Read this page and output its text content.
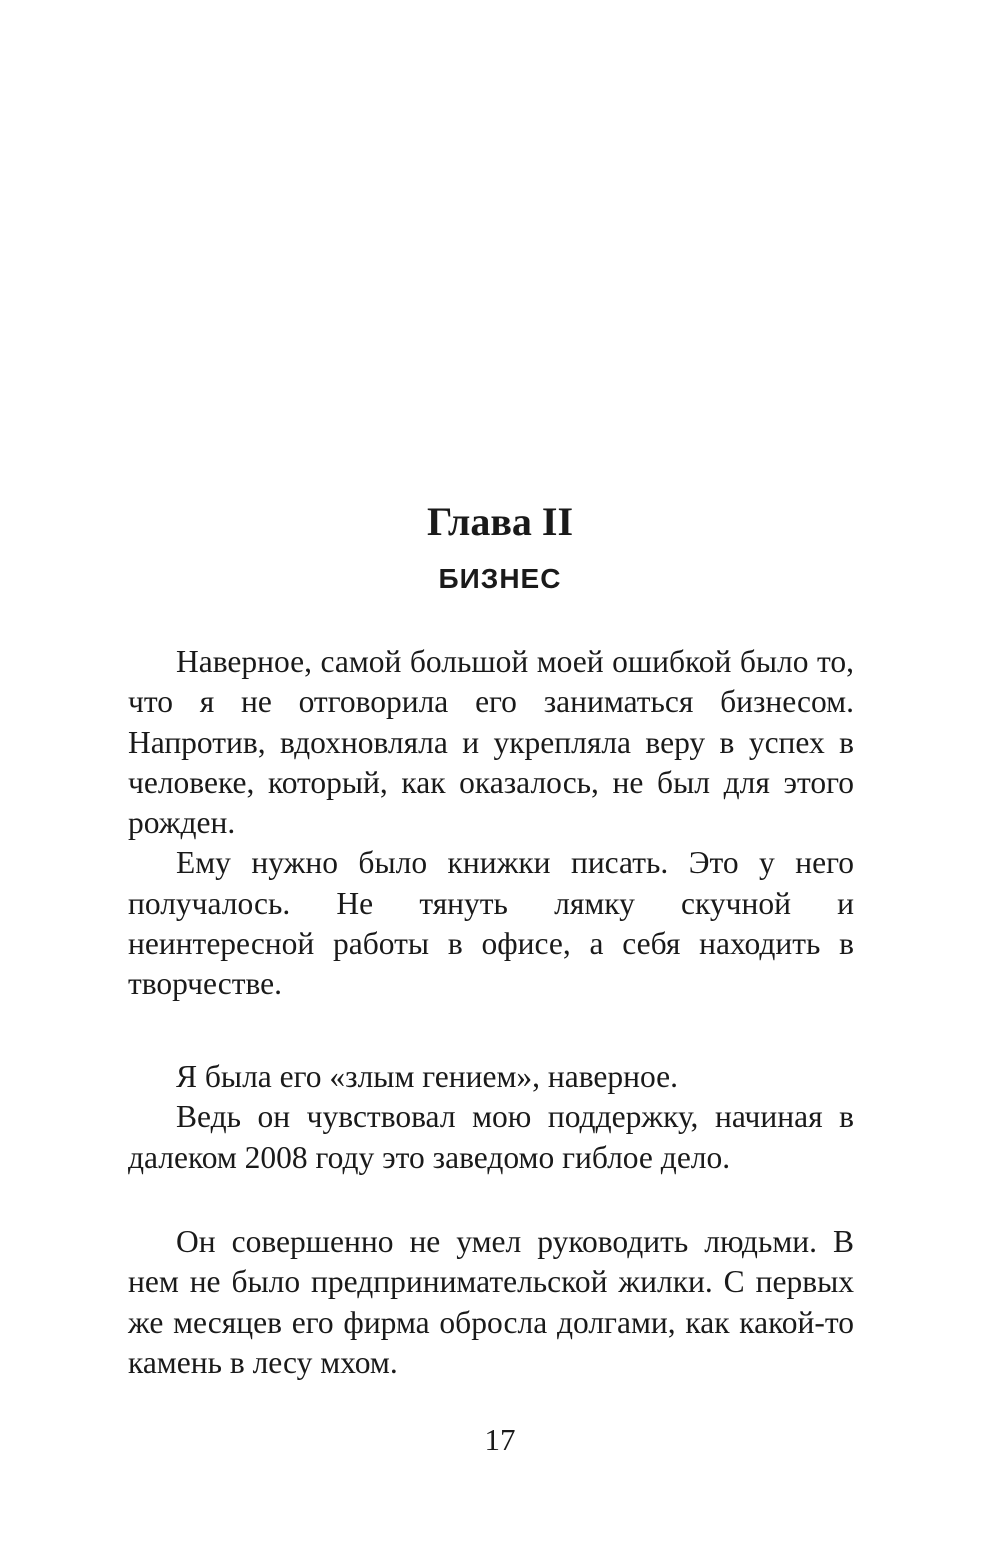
Глава II
БИЗНЕС

Наверное, самой большой моей ошибкой было то, что я не отговорила его заниматься бизнесом. Напротив, вдохновляла и укрепляла веру в успех в человеке, который, как оказалось, не был для этого рожден.

Ему нужно было книжки писать. Это у него получалось. Не тянуть лямку скучной и неинтересной работы в офисе, а себя находить в творчестве.

Я была его «злым гением», наверное.

Ведь он чувствовал мою поддержку, начиная в далеком 2008 году это заведомо гиблое дело.

Он совершенно не умел руководить людьми. В нем не было предпринимательской жилки. С первых же месяцев его фирма обросла долгами, как какой-то камень в лесу мхом.

17
